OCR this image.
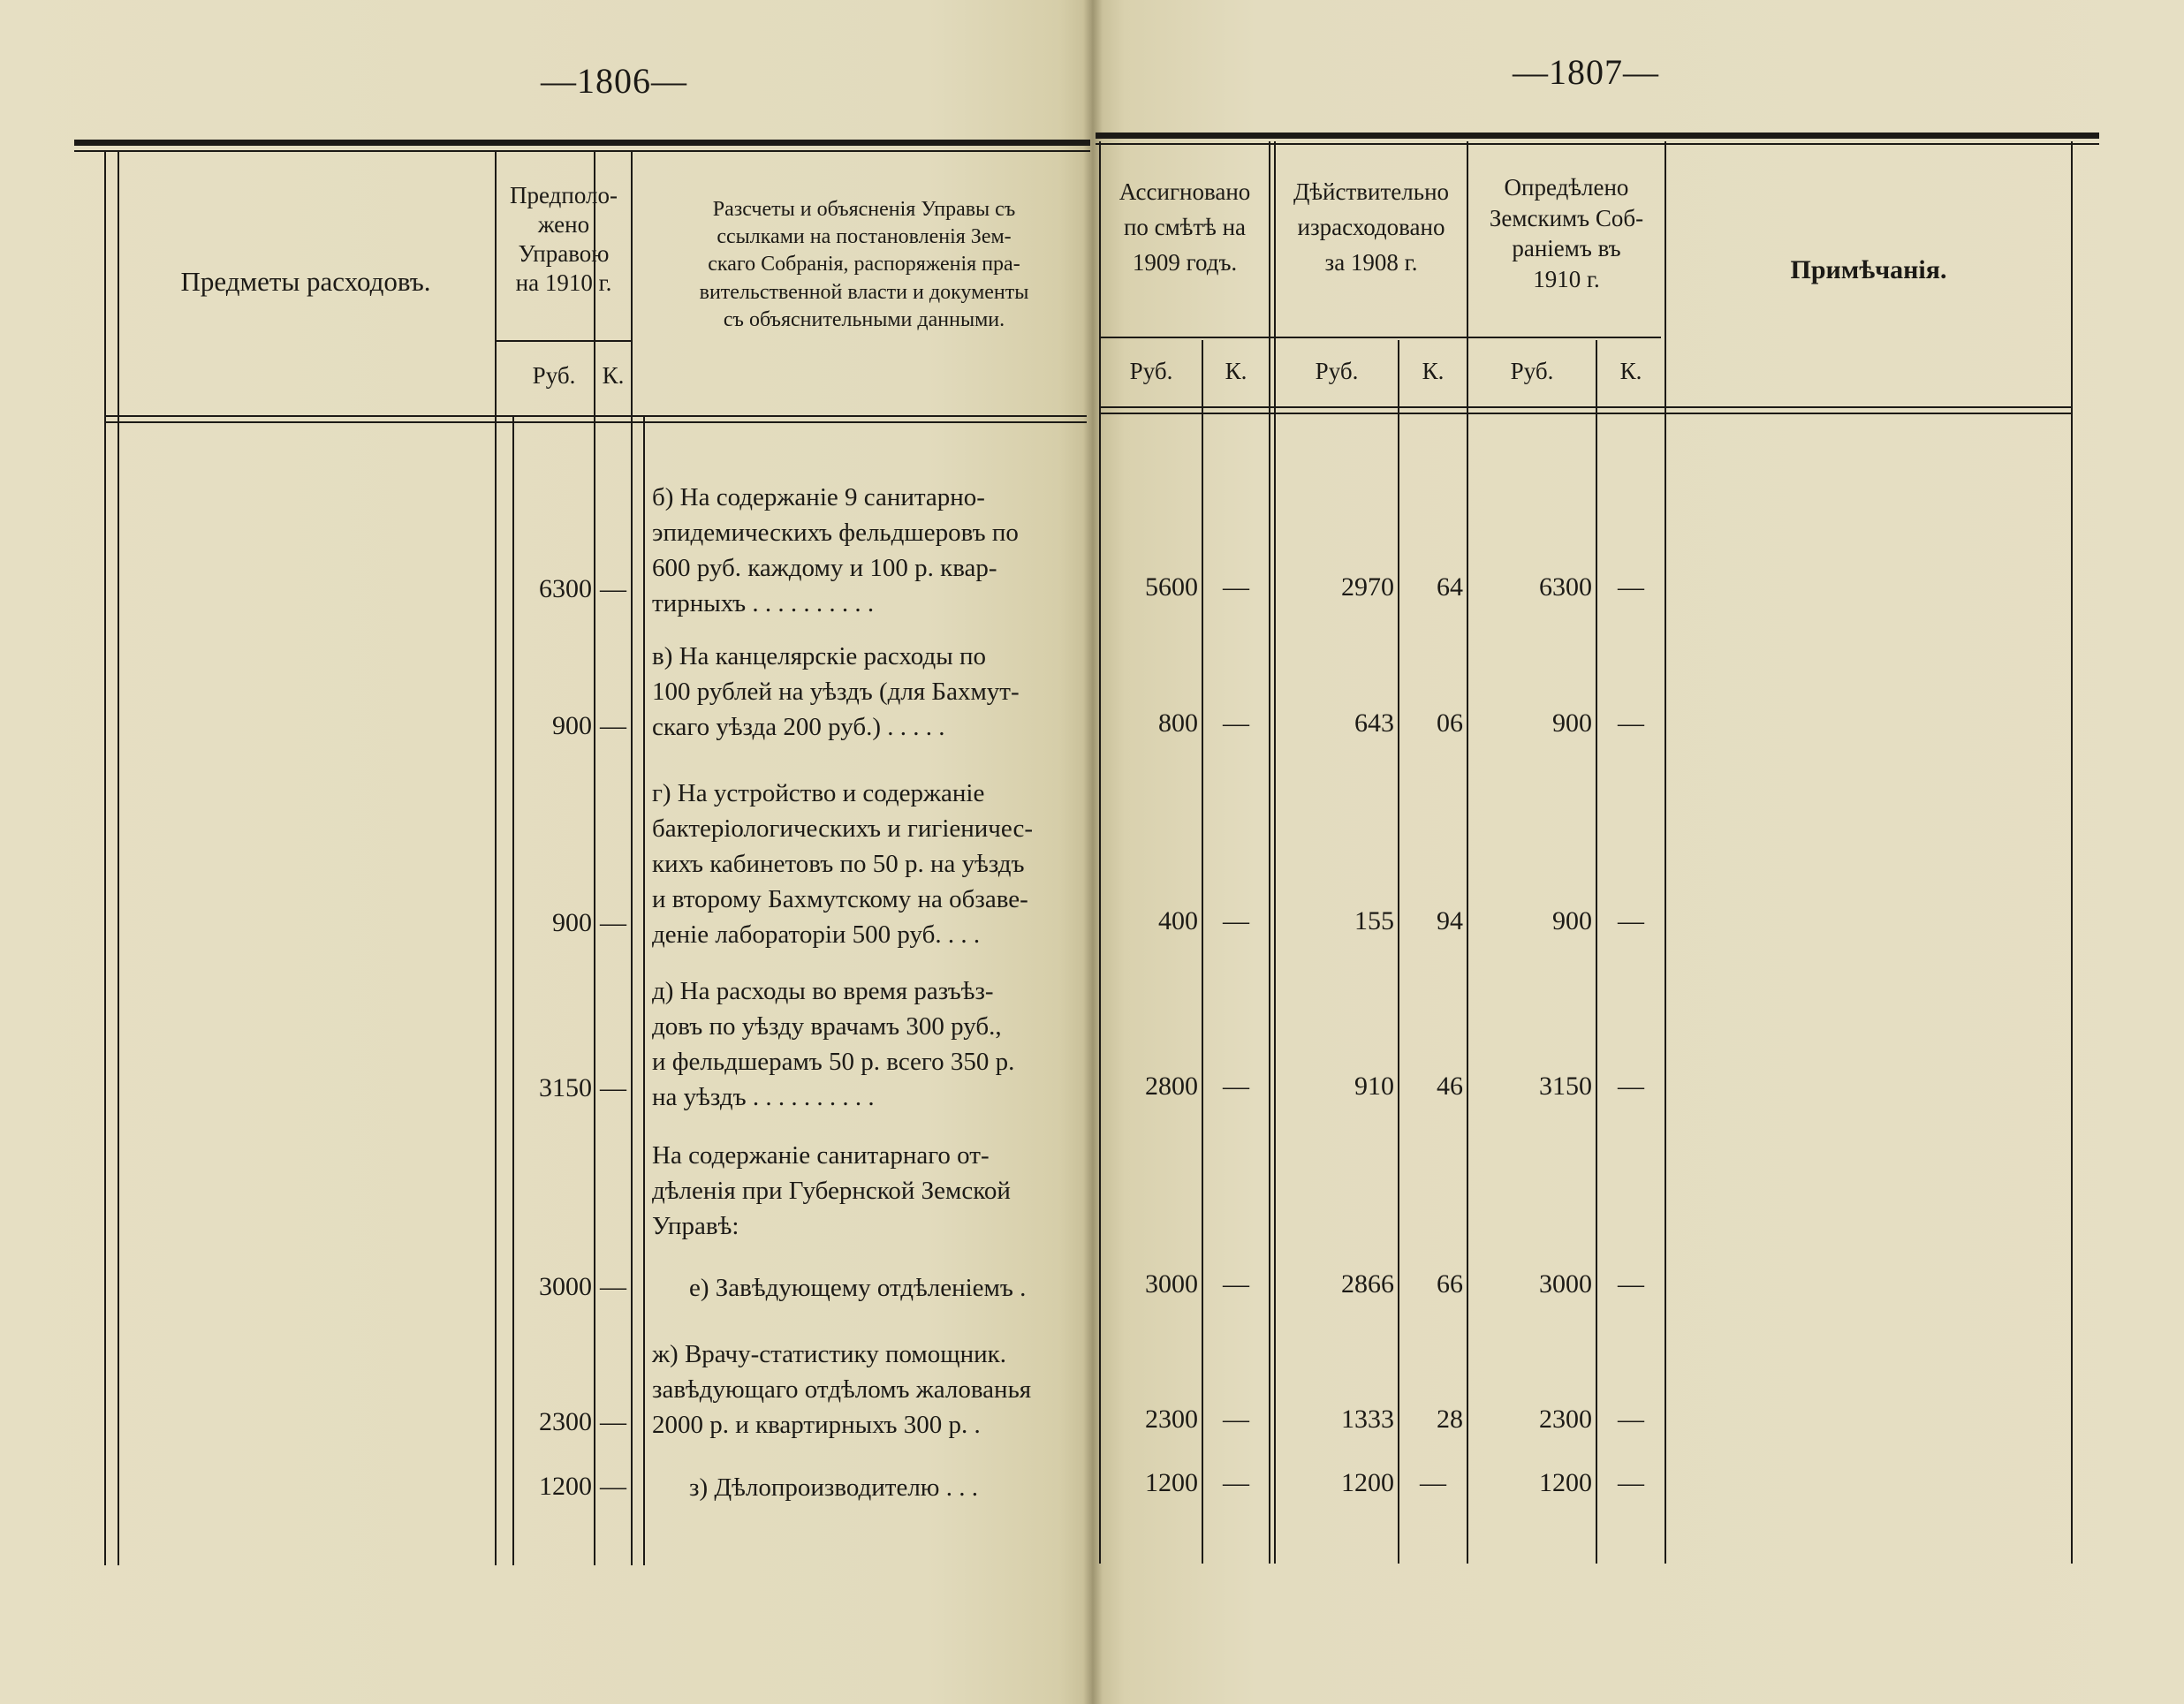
—1806—	—1807—
Предметы расходовъ.
Предполо-
жено
Управою
на 1910 г.
Руб.	К.
Разсчеты и объясненія Управы съ
ссылками на постановленія Зем-
скаго Собранія, распоряженія пра-
вительственной власти и документы
съ объяснительными данными.
Ассигновано
по смѣтѣ на
1909 годъ.
Руб.	К.
Дѣйствительно
израсходовано
за 1908 г.
Руб.	К.
Опредѣлено
Земскимъ Соб-
раніемъ въ
1910 г.
Руб.	К.
Примѣчанія.
б) На содержаніе 9 санитарно-
эпидемическихъ фельдшеровъ по
600 руб. каждому и 100 р. квар-
тирныхъ . . . . . . . . . .
6300 —	5600 —	2970	64	6300 —
в) На канцелярскіе расходы по
100 рублей на уѣздъ (для Бахмут-
скаго уѣзда 200 руб.) . . . . .
900 —	800 —	643	06	900 —
г) На устройство и содержаніе
бактеріологическихъ и гигіеничес-
кихъ кабинетовъ по 50 р. на уѣздъ
и второму Бахмутскому на обзаве-
деніе лабораторіи 500 руб. . . .
900 —	400 —	155	94	900 —
д) На расходы во время разъѣз-
довъ по уѣзду врачамъ 300 руб.,
и фельдшерамъ 50 р. всего 350 р.
на уѣздъ . . . . . . . . . .
3150 —	2800 —	910	46	3150 —
На содержаніе санитарнаго от-
дѣленія при Губернской Земской
Управѣ:
е) Завѣдующему отдѣленіемъ .
3000 —	3000 —	2866	66	3000 —
ж) Врачу-статистику помощник.
завѣдующаго отдѣломъ жалованья
2000 р. и квартирныхъ 300 р. .
2300 —	2300 —	1333	28	2300 —
з) Дѣлопроизводителю . . .
1200 —	1200 —	1200 —	1200 —
